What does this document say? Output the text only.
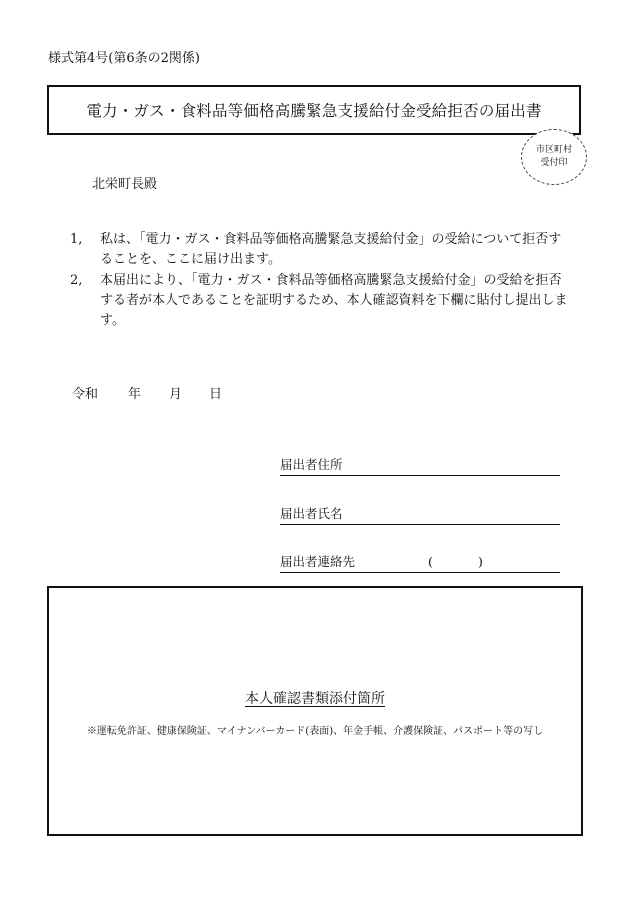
様式第4号(第6条の2関係)
電力・ガス・食料品等価格高騰緊急支援給付金受給拒否の届出書
市区町村
受付印
北栄町長殿
1,	私は、「電力・ガス・食料品等価格高騰緊急支援給付金」の受給について拒否することを、ここに届け出ます。
2,	本届出により、「電力・ガス・食料品等価格高騰緊急支援給付金」の受給を拒否する者が本人であることを証明するため、本人確認資料を下欄に貼付し提出します。
令和 年 月 日
届出者住所
届出者氏名
届出者連絡先	(	)
本人確認書類添付箇所
※運転免許証、健康保険証、マイナンバーカード(表面)、年金手帳、介護保険証、パスポート等の写し
